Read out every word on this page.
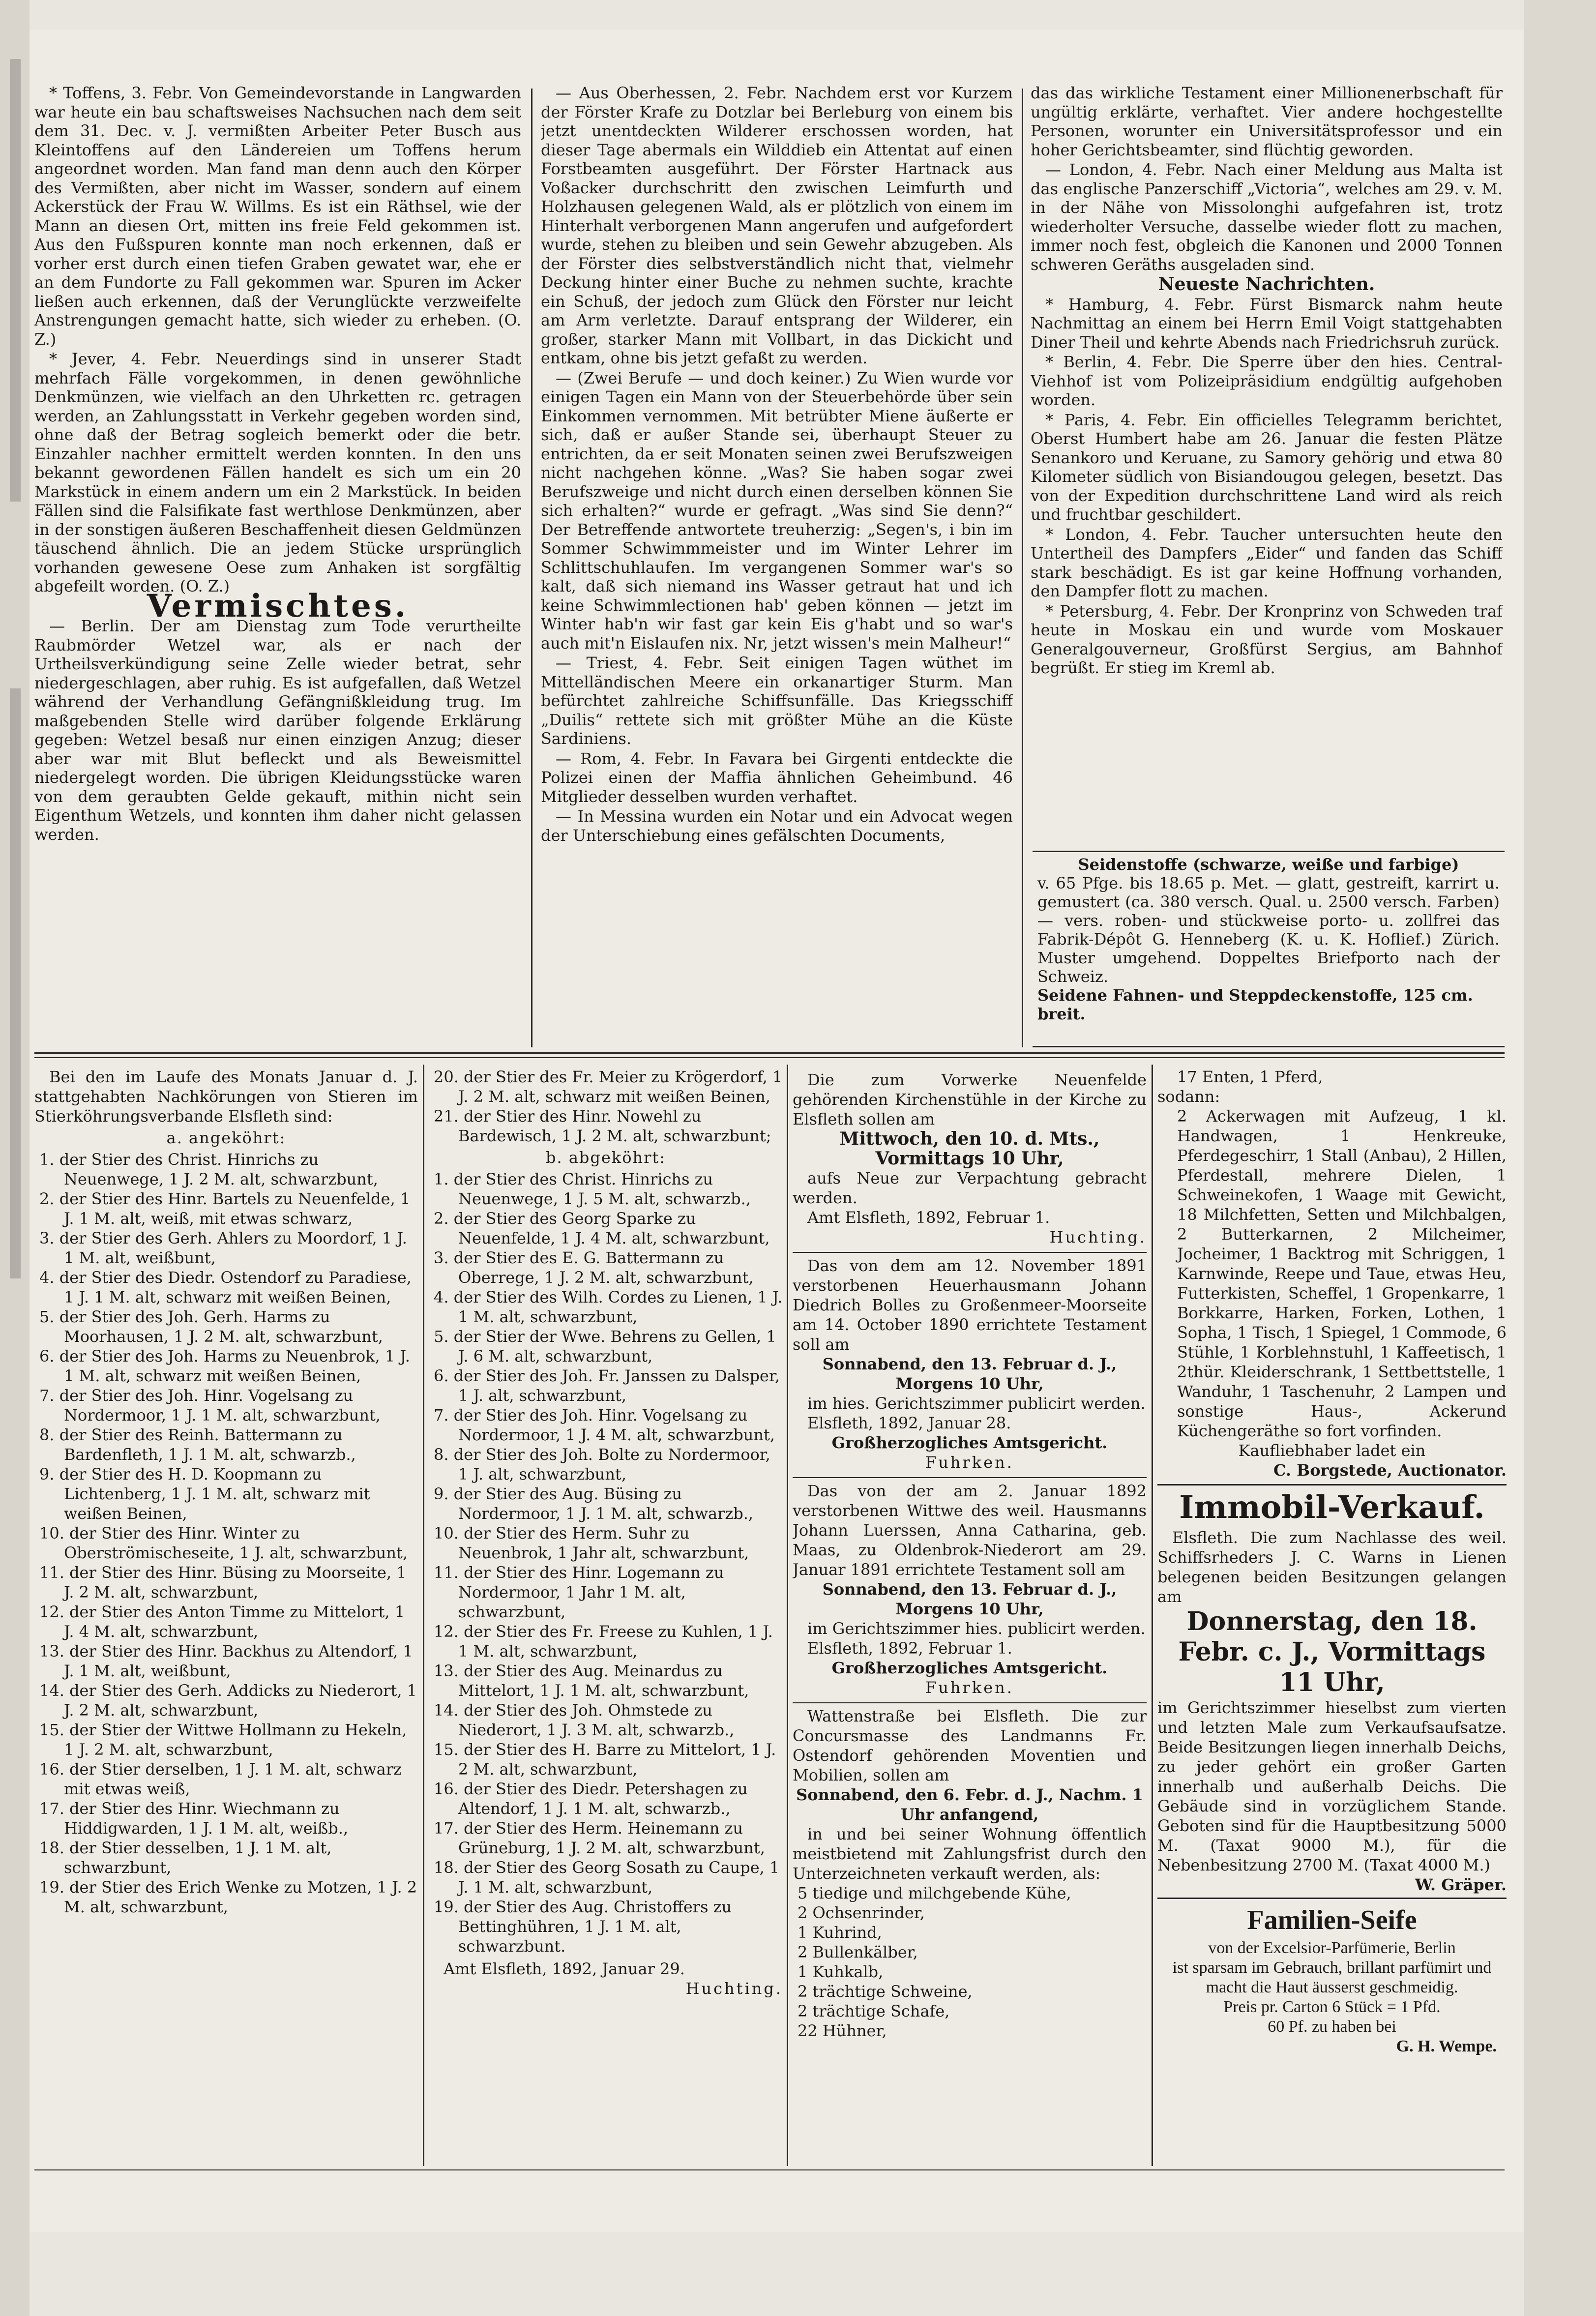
* Toffens, 3. Febr. Von Gemeindevorstande in Langwarden war heute ein bau schaftsweises Nachsuchen nach dem seit dem 31. Dec. v. J. vermißten Arbeiter Peter Busch aus Kleintoffens auf den Ländereien um Toffens herum angeordnet worden. Man fand man denn auch den Körper des Vermißten, aber nicht im Wasser, sondern auf einem Ackerstück der Frau W. Willms. Es ist ein Räthsel, wie der Mann an diesen Ort, mitten ins freie Feld gekommen ist. Aus den Fußspuren konnte man noch erkennen, daß er vorher erst durch einen tiefen Graben gewatet war, ehe er an dem Fundorte zu Fall gekommen war. Spuren im Acker ließen auch erkennen, daß der Verunglückte verzweifelte Anstrengungen gemacht hatte, sich wieder zu erheben. (O. Z.)

* Jever, 4. Febr. Neuerdings sind in unserer Stadt mehrfach Fälle vorgekommen, in denen gewöhnliche Denkmünzen, wie vielfach an den Uhrketten rc. getragen werden, an Zahlungsstatt in Verkehr gegeben worden sind, ohne daß der Betrag sogleich bemerkt oder die betr. Einzahler nachher ermittelt werden konnten. In den uns bekannt gewordenen Fällen handelt es sich um ein 20 Markstück in einem andern um ein 2 Markstück. In beiden Fällen sind die Falsifikate fast werthlose Denkmünzen, aber in der sonstigen äußeren Beschaffenheit diesen Geldmünzen täuschend ähnlich. Die an jedem Stücke ursprünglich vorhanden gewesene Oese zum Anhaken ist sorgfältig abgefeilt worden. (O. Z.)

Vermischtes.

— Berlin. Der am Dienstag zum Tode verurtheilte Raubmörder Wetzel war, als er nach der Urtheilsverkündigung seine Zelle wieder betrat, sehr niedergeschlagen, aber ruhig. Es ist aufgefallen, daß Wetzel während der Verhandlung Gefängnißkleidung trug. Im maßgebenden Stelle wird darüber folgende Erklärung gegeben: Wetzel besaß nur einen einzigen Anzug; dieser aber war mit Blut befleckt und als Beweismittel niedergelegt worden. Die übrigen Kleidungsstücke waren von dem geraubten Gelde gekauft, mithin nicht sein Eigenthum Wetzels, und konnten ihm daher nicht gelassen werden.

— Aus Oberhessen, 2. Febr. Nachdem erst vor Kurzem der Förster Krafe zu Dotzlar bei Berleburg von einem bis jetzt unentdeckten Wilderer erschossen worden, hat dieser Tage abermals ein Wilddieb ein Attentat auf einen Forstbeamten ausgeführt. Der Förster Hartnack aus Voßacker durchschritt den zwischen Leimfurth und Holzhausen gelegenen Wald, als er plötzlich von einem im Hinterhalt verborgenen Mann angerufen und aufgefordert wurde, stehen zu bleiben und sein Gewehr abzugeben. Als der Förster dies selbstverständlich nicht that, vielmehr Deckung hinter einer Buche zu nehmen suchte, krachte ein Schuß, der jedoch zum Glück den Förster nur leicht am Arm verletzte. Darauf entsprang der Wilderer, ein großer, starker Mann mit Vollbart, in das Dickicht und entkam, ohne bis jetzt gefaßt zu werden.

— (Zwei Berufe — und doch keiner.) Zu Wien wurde vor einigen Tagen ein Mann von der Steuerbehörde über sein Einkommen vernommen. Mit betrübter Miene äußerte er sich, daß er außer Stande sei, überhaupt Steuer zu entrichten, da er seit Monaten seinen zwei Berufszweigen nicht nachgehen könne. „Was? Sie haben sogar zwei Berufszweige und nicht durch einen derselben können Sie sich erhalten?“ wurde er gefragt. „Was sind Sie denn?“ Der Betreffende antwortete treuherzig: „Segen's, i bin im Sommer Schwimmmeister und im Winter Lehrer im Schlittschuhlaufen. Im vergangenen Sommer war's so kalt, daß sich niemand ins Wasser getraut hat und ich keine Schwimmlectionen hab' geben können — jetzt im Winter hab'n wir fast gar kein Eis g'habt und so war's auch mit'n Eislaufen nix. Nr, jetzt wissen's mein Malheur!“

— Triest, 4. Febr. Seit einigen Tagen wüthet im Mittelländischen Meere ein orkanartiger Sturm. Man befürchtet zahlreiche Schiffsunfälle. Das Kriegsschiff „Duilis“ rettete sich mit größter Mühe an die Küste Sardiniens.

— Rom, 4. Febr. In Favara bei Girgenti entdeckte die Polizei einen der Maffia ähnlichen Geheimbund. 46 Mitglieder desselben wurden verhaftet.

— In Messina wurden ein Notar und ein Advocat wegen der Unterschiebung eines gefälschten Documents,

das das wirkliche Testament einer Millionenerbschaft für ungültig erklärte, verhaftet. Vier andere hochgestellte Personen, worunter ein Universitätsprofessor und ein hoher Gerichtsbeamter, sind flüchtig geworden.

— London, 4. Febr. Nach einer Meldung aus Malta ist das englische Panzerschiff „Victoria“, welches am 29. v. M. in der Nähe von Missolonghi aufgefahren ist, trotz wiederholter Versuche, dasselbe wieder flott zu machen, immer noch fest, obgleich die Kanonen und 2000 Tonnen schweren Geräths ausgeladen sind.

Neueste Nachrichten.

* Hamburg, 4. Febr. Fürst Bismarck nahm heute Nachmittag an einem bei Herrn Emil Voigt stattgehabten Diner Theil und kehrte Abends nach Friedrichsruh zurück.

* Berlin, 4. Febr. Die Sperre über den hies. Central-Viehhof ist vom Polizeipräsidium endgültig aufgehoben worden.

* Paris, 4. Febr. Ein officielles Telegramm berichtet, Oberst Humbert habe am 26. Januar die festen Plätze Senankoro und Keruane, zu Samory gehörig und etwa 80 Kilometer südlich von Bisiandougou gelegen, besetzt. Das von der Expedition durchschrittene Land wird als reich und fruchtbar geschildert.

* London, 4. Febr. Taucher untersuchten heute den Untertheil des Dampfers „Eider“ und fanden das Schiff stark beschädigt. Es ist gar keine Hoffnung vorhanden, den Dampfer flott zu machen.

* Petersburg, 4. Febr. Der Kronprinz von Schweden traf heute in Moskau ein und wurde vom Moskauer Generalgouverneur, Großfürst Sergius, am Bahnhof begrüßt. Er stieg im Kreml ab.

Seidenstoffe (schwarze, weiße und farbige)
v. 65 Pfge. bis 18.65 p. Met. — glatt, gestreift, karrirt u. gemustert (ca. 380 versch. Qual. u. 2500 versch. Farben) — vers. roben- und stückweise porto- u. zollfrei das Fabrik-Dépôt G. Henneberg (K. u. K. Hoflief.) Zürich. Muster umgehend. Doppeltes Briefporto nach der Schweiz.
Seidene Fahnen- und Steppdeckenstoffe, 125 cm. breit.

Bei den im Laufe des Monats Januar d. J. stattgehabten Nachkörungen von Stieren im Stierköhrungsverbande Elsfleth sind:

a. angeköhrt:

1. der Stier des Christ. Hinrichs zu Neuenwege, 1 J. 2 M. alt, schwarzbunt,

2. der Stier des Hinr. Bartels zu Neuenfelde, 1 J. 1 M. alt, weiß, mit etwas schwarz,

3. der Stier des Gerh. Ahlers zu Moordorf, 1 J. 1 M. alt, weißbunt,

4. der Stier des Diedr. Ostendorf zu Paradiese, 1 J. 1 M. alt, schwarz mit weißen Beinen,

5. der Stier des Joh. Gerh. Harms zu Moorhausen, 1 J. 2 M. alt, schwarzbunt,

6. der Stier des Joh. Harms zu Neuenbrok, 1 J. 1 M. alt, schwarz mit weißen Beinen,

7. der Stier des Joh. Hinr. Vogelsang zu Nordermoor, 1 J. 1 M. alt, schwarzbunt,

8. der Stier des Reinh. Battermann zu Bardenfleth, 1 J. 1 M. alt, schwarzb.,

9. der Stier des H. D. Koopmann zu Lichtenberg, 1 J. 1 M. alt, schwarz mit weißen Beinen,

10. der Stier des Hinr. Winter zu Oberströmischeseite, 1 J. alt, schwarzbunt,

11. der Stier des Hinr. Büsing zu Moorseite, 1 J. 2 M. alt, schwarzbunt,

12. der Stier des Anton Timme zu Mittelort, 1 J. 4 M. alt, schwarzbunt,

13. der Stier des Hinr. Backhus zu Altendorf, 1 J. 1 M. alt, weißbunt,

14. der Stier des Gerh. Addicks zu Niederort, 1 J. 2 M. alt, schwarzbunt,

15. der Stier der Wittwe Hollmann zu Hekeln, 1 J. 2 M. alt, schwarzbunt,

16. der Stier derselben, 1 J. 1 M. alt, schwarz mit etwas weiß,

17. der Stier des Hinr. Wiechmann zu Hiddigwarden, 1 J. 1 M. alt, weißb.,

18. der Stier desselben, 1 J. 1 M. alt, schwarzbunt,

19. der Stier des Erich Wenke zu Motzen, 1 J. 2 M. alt, schwarzbunt,

20. der Stier des Fr. Meier zu Krögerdorf, 1 J. 2 M. alt, schwarz mit weißen Beinen,

21. der Stier des Hinr. Nowehl zu Bardewisch, 1 J. 2 M. alt, schwarzbunt;

b. abgeköhrt:

1. der Stier des Christ. Hinrichs zu Neuenwege, 1 J. 5 M. alt, schwarzb.,

2. der Stier des Georg Sparke zu Neuenfelde, 1 J. 4 M. alt, schwarzbunt,

3. der Stier des E. G. Battermann zu Oberrege, 1 J. 2 M. alt, schwarzbunt,

4. der Stier des Wilh. Cordes zu Lienen, 1 J. 1 M. alt, schwarzbunt,

5. der Stier der Wwe. Behrens zu Gellen, 1 J. 6 M. alt, schwarzbunt,

6. der Stier des Joh. Fr. Janssen zu Dalsper, 1 J. alt, schwarzbunt,

7. der Stier des Joh. Hinr. Vogelsang zu Nordermoor, 1 J. 4 M. alt, schwarzbunt,

8. der Stier des Joh. Bolte zu Nordermoor, 1 J. alt, schwarzbunt,

9. der Stier des Aug. Büsing zu Nordermoor, 1 J. 1 M. alt, schwarzb.,

10. der Stier des Herm. Suhr zu Neuenbrok, 1 Jahr alt, schwarzbunt,

11. der Stier des Hinr. Logemann zu Nordermoor, 1 Jahr 1 M. alt, schwarzbunt,

12. der Stier des Fr. Freese zu Kuhlen, 1 J. 1 M. alt, schwarzbunt,

13. der Stier des Aug. Meinardus zu Mittelort, 1 J. 1 M. alt, schwarzbunt,

14. der Stier des Joh. Ohmstede zu Niederort, 1 J. 3 M. alt, schwarzb.,

15. der Stier des H. Barre zu Mittelort, 1 J. 2 M. alt, schwarzbunt,

16. der Stier des Diedr. Petershagen zu Altendorf, 1 J. 1 M. alt, schwarzb.,

17. der Stier des Herm. Heinemann zu Grüneburg, 1 J. 2 M. alt, schwarzbunt,

18. der Stier des Georg Sosath zu Caupe, 1 J. 1 M. alt, schwarzbunt,

19. der Stier des Aug. Christoffers zu Bettinghühren, 1 J. 1 M. alt, schwarzbunt.

Amt Elsfleth, 1892, Januar 29.

Huchting.

Die zum Vorwerke Neuenfelde gehörenden Kirchenstühle in der Kirche zu Elsfleth sollen am

Mittwoch, den 10. d. Mts., Vormittags 10 Uhr,

aufs Neue zur Verpachtung gebracht werden.

Amt Elsfleth, 1892, Februar 1.

Huchting.

Das von dem am 12. November 1891 verstorbenen Heuerhausmann Johann Diedrich Bolles zu Großenmeer-Moorseite am 14. October 1890 errichtete Testament soll am

Sonnabend, den 13. Februar d. J., Morgens 10 Uhr,

im hies. Gerichtszimmer publicirt werden.

Elsfleth, 1892, Januar 28.

Großherzogliches Amtsgericht.

Fuhrken.

Das von der am 2. Januar 1892 verstorbenen Wittwe des weil. Hausmanns Johann Luerssen, Anna Catharina, geb. Maas, zu Oldenbrok-Niederort am 29. Januar 1891 errichtete Testament soll am

Sonnabend, den 13. Februar d. J., Morgens 10 Uhr,

im Gerichtszimmer hies. publicirt werden.

Elsfleth, 1892, Februar 1.

Großherzogliches Amtsgericht.

Fuhrken.

Wattenstraße bei Elsfleth. Die zur Concursmasse des Landmanns Fr. Ostendorf gehörenden Moventien und Mobilien, sollen am

Sonnabend, den 6. Febr. d. J., Nachm. 1 Uhr anfangend,

in und bei seiner Wohnung öffentlich meistbietend mit Zahlungsfrist durch den Unterzeichneten verkauft werden, als:

5 tiedige und milchgebende Kühe,

2 Ochsenrinder,

1 Kuhrind,

2 Bullenkälber,

1 Kuhkalb,

2 trächtige Schweine,

2 trächtige Schafe,

22 Hühner,

17 Enten, 1 Pferd,

sodann:

2 Ackerwagen mit Aufzeug, 1 kl. Handwagen, 1 Henkreuke, Pferdegeschirr, 1 Stall (Anbau), 2 Hillen, Pferdestall, mehrere Dielen, 1 Schweinekofen, 1 Waage mit Gewicht, 18 Milchfetten, Setten und Milchbalgen, 2 Butterkarnen, 2 Milcheimer, Jocheimer, 1 Backtrog mit Schriggen, 1 Karnwinde, Reepe und Taue, etwas Heu, Futterkisten, Scheffel, 1 Gropenkarre, 1 Borkkarre, Harken, Forken, Lothen, 1 Sopha, 1 Tisch, 1 Spiegel, 1 Commode, 6 Stühle, 1 Korblehnstuhl, 1 Kaffeetisch, 1 2thür. Kleiderschrank, 1 Settbettstelle, 1 Wanduhr, 1 Taschenuhr, 2 Lampen und sonstige Haus-, Ackerund Küchengeräthe so fort vorfinden.

Kaufliebhaber ladet ein

C. Borgstede, Auctionator.

Immobil-Verkauf.

Elsfleth. Die zum Nachlasse des weil. Schiffsrheders J. C. Warns in Lienen belegenen beiden Besitzungen gelangen am

Donnerstag, den 18. Febr. c. J., Vormittags 11 Uhr,

im Gerichtszimmer hieselbst zum vierten und letzten Male zum Verkaufsaufsatze. Beide Besitzungen liegen innerhalb Deichs, zu jeder gehört ein großer Garten innerhalb und außerhalb Deichs. Die Gebäude sind in vorzüglichem Stande. Geboten sind für die Hauptbesitzung 5000 M. (Taxat 9000 M.), für die Nebenbesitzung 2700 M. (Taxat 4000 M.)

W. Gräper.

Familien-Seife

von der Excelsior-Parfümerie, Berlin

ist sparsam im Gebrauch, brillant parfümirt und macht die Haut äusserst geschmeidig.

Preis pr. Carton 6 Stück = 1 Pfd.

60 Pf. zu haben bei

G. H. Wempe.
